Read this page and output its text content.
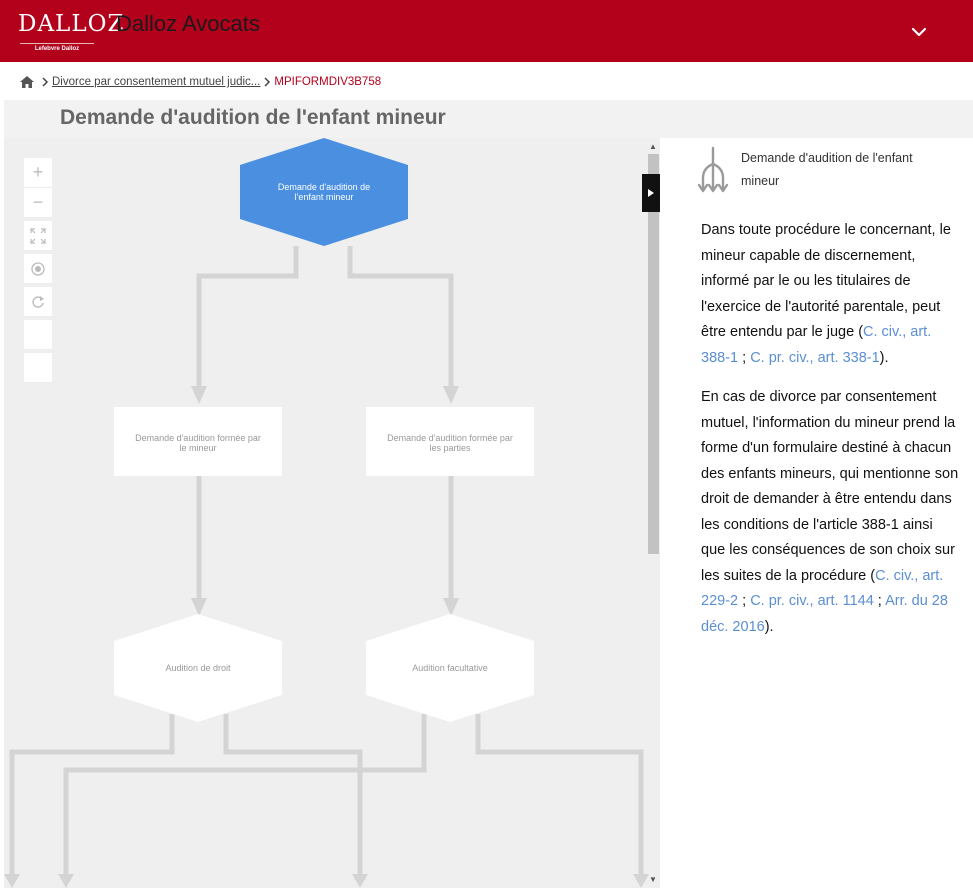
DALLOZ
Lefebvre Dalloz
Dalloz Avocats
Divorce par consentement mutuel judic... MPIFORMDIV3B758
Demande d'audition de l'enfant mineur
Demande d'audition de l'enfant mineur
Demande d'audition formée par le mineur
Demande d'audition formée par les parties
Audition de droit	Audition facultative
+
−
▲
▼
Demande d'audition de l'enfant mineur

Dans toute procédure le concernant, le mineur capable de discernement, informé par le ou les titulaires de l'exercice de l'autorité parentale, peut être entendu par le juge (C. civ., art. 388-1 ; C. pr. civ., art. 338-1).

En cas de divorce par consentement mutuel, l'information du mineur prend la forme d'un formulaire destiné à chacun des enfants mineurs, qui mentionne son droit de demander à être entendu dans les conditions de l'article 388-1 ainsi que les conséquences de son choix sur les suites de la procédure (C. civ., art. 229-2 ; C. pr. civ., art. 1144 ; Arr. du 28 déc. 2016).
